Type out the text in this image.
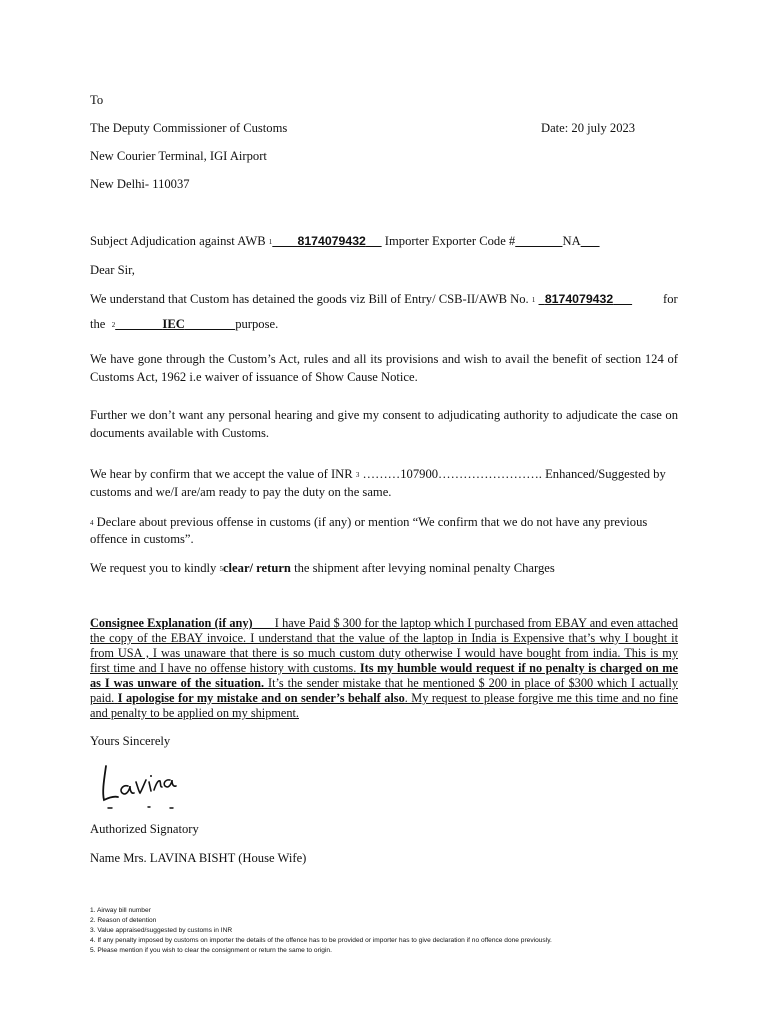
To
The Deputy Commissioner of Customs	Date: 20 july 2023
New Courier Terminal, IGI Airport
New Delhi- 110037
Subject Adjudication against AWB 1 8174079432 Importer Exporter Code #	NA
Dear Sir,
We understand that Custom has detained the goods viz Bill of Entry/ CSB-II/AWB No. 1 8174079432	for
the 2	IEC	purpose.
We have gone through the Custom’s Act, rules and all its provisions and wish to avail the benefit of section 124 of Customs Act, 1962 i.e waiver of issuance of Show Cause Notice.
Further we don’t want any personal hearing and give my consent to adjudicating authority to adjudicate the case on documents available with Customs.
We hear by confirm that we accept the value of INR 3 ………107900……………………. Enhanced/Suggested by
customs and we/I are/am ready to pay the duty on the same.
4 Declare about previous offense in customs (if any) or mention “We confirm that we do not have any previous
offence in customs”.
We request you to kindly 5clear/ return the shipment after levying nominal penalty Charges
Consignee Explanation (if any) I have Paid $ 300 for the laptop which I purchased from EBAY and even attached the copy of the EBAY invoice. I understand that the value of the laptop in India is Expensive that’s why I bought it from USA , I was unaware that there is so much custom duty otherwise I would have bought from india. This is my first time and I have no offense history with customs. Its my humble would request if no penalty is charged on me as I was unware of the situation. It’s the sender mistake that he mentioned $ 200 in place of $300 which I actually paid. I apologise for my mistake and on sender’s behalf also. My request to please forgive me this time and no fine and penalty to be applied on my shipment.
Yours Sincerely
Authorized Signatory
Name Mrs. LAVINA BISHT (House Wife)
1. Airway bill number
2. Reason of detention
3. Value appraised/suggested by customs in INR
4. If any penalty imposed by customs on importer the details of the offence has to be provided or importer has to give declaration if no offence done previously.
5. Please mention if you wish to clear the consignment or return the same to origin.
